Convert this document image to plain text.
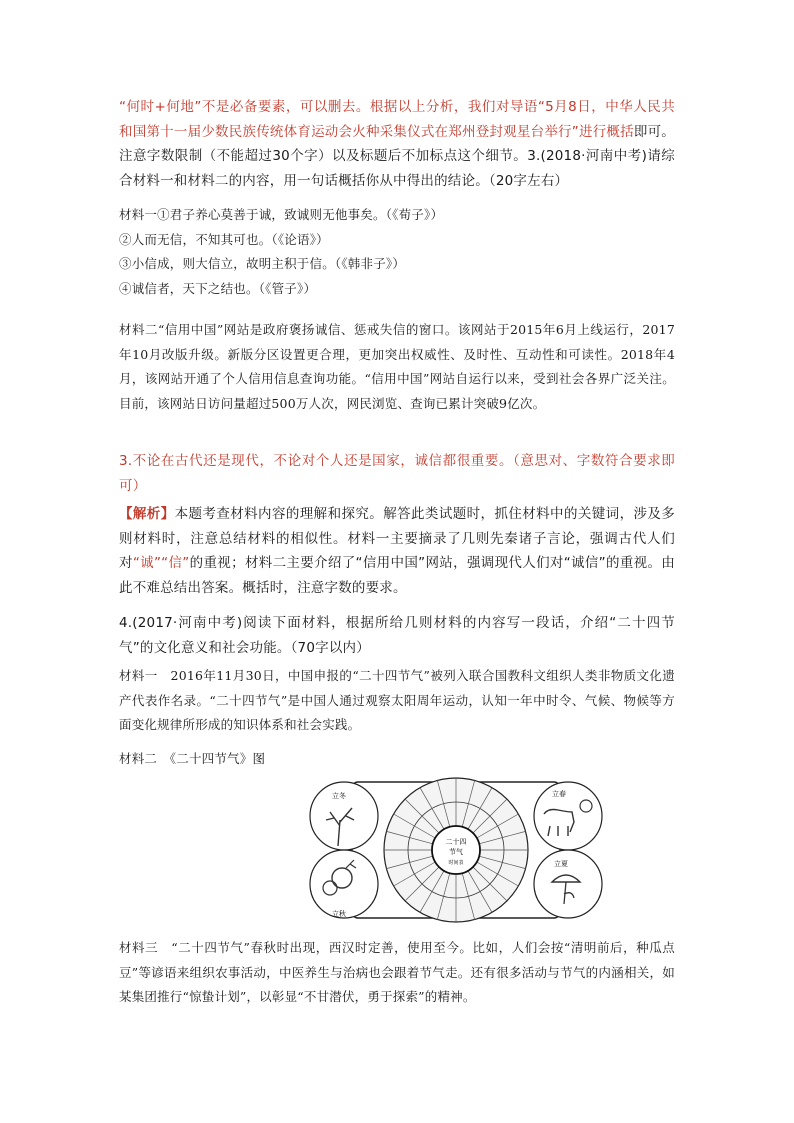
“何时+何地”不是必备要素，可以删去。根据以上分析，我们对导语“5月8日，中华人民共和国第十一届少数民族传统体育运动会火种采集仪式在郑州登封观星台举行”进行概括即可。注意字数限制（不能超过30个字）以及标题后不加标点这个细节。3.(2018·河南中考)请综合材料一和材料二的内容，用一句话概括你从中得出的结论。（20字左右）
材料一①君子养心莫善于诚，致诚则无他事矣。（《荀子》）
②人而无信，不知其可也。（《论语》）
③小信成，则大信立，故明主积于信。（《韩非子》）
④诚信者，天下之结也。（《管子》）
材料二“信用中国”网站是政府褒扬诚信、惩戒失信的窗口。该网站于2015年6月上线运行，2017年10月改版升级。新版分区设置更合理，更加突出权威性、及时性、互动性和可读性。2018年4月，该网站开通了个人信用信息查询功能。“信用中国”网站自运行以来，受到社会各界广泛关注。目前，该网站日访问量超过500万人次，网民浏览、查询已累计突破9亿次。
3.不论在古代还是现代，不论对个人还是国家，诚信都很重要。（意思对、字数符合要求即可）
【解析】本题考查材料内容的理解和探究。解答此类试题时，抓住材料中的关键词，涉及多则材料时，注意总结材料的相似性。材料一主要摘录了几则先秦诸子言论，强调古代人们对“诚”“信”的重视；材料二主要介绍了“信用中国”网站，强调现代人们对“诚信”的重视。由此不难总结出答案。概括时，注意字数的要求。
4.(2017·河南中考)阅读下面材料，根据所给几则材料的内容写一段话，介绍“二十四节气”的文化意义和社会功能。（70字以内）
材料一　2016年11月30日，中国申报的“二十四节气”被列入联合国教科文组织人类非物质文化遗产代表作名录。“二十四节气”是中国人通过观察太阳周年运动，认知一年中时令、气候、物候等方面变化规律所形成的知识体系和社会实践。
材料二　《二十四节气》图
二十四
节气
时间表
立冬	立春
立秋
立夏
材料三　“二十四节气”春秋时出现，西汉时定善，使用至今。比如，人们会按“清明前后，种瓜点豆”等谚语来组织农事活动，中医养生与治病也会跟着节气走。还有很多活动与节气的内涵相关，如某集团推行“惊蛰计划”，以彰显“不甘潜伏，勇于探索”的精神。
